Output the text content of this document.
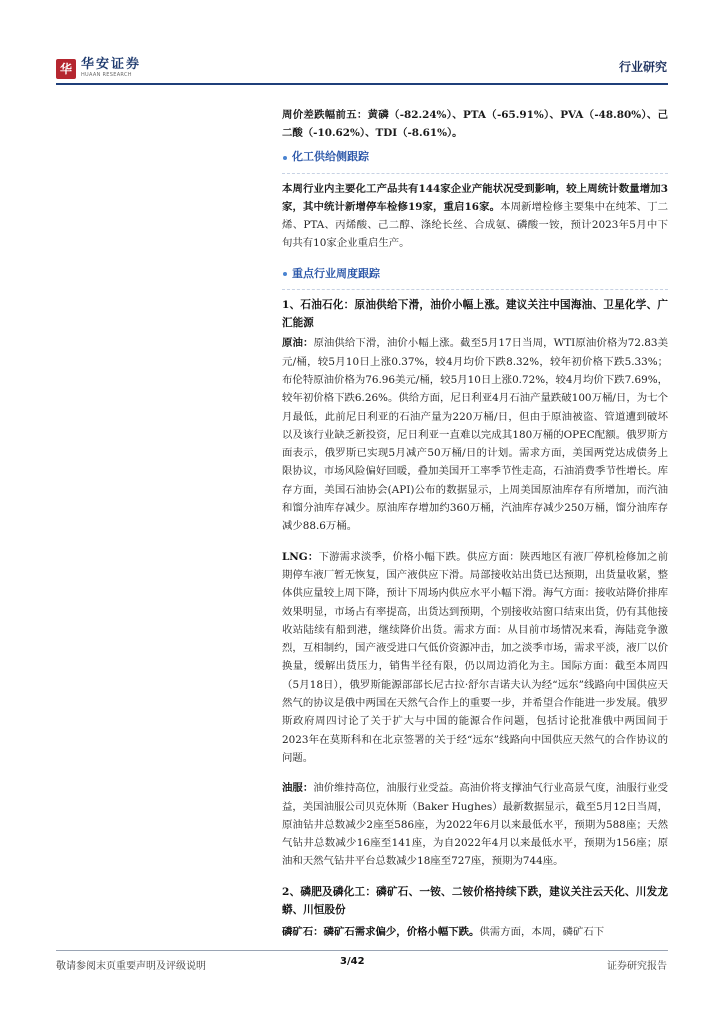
华 华安证券
HUAAN RESEARCH
行业研究

周价差跌幅前五：黄磷（-82.24%）、PTA（-65.91%）、PVA（-48.80%）、己二酸（-10.62%）、TDI（-8.61%）。

化工供给侧跟踪

本周行业内主要化工产品共有144家企业产能状况受到影响，较上周统计数量增加3家，其中统计新增停车检修19家，重启16家。本周新增检修主要集中在纯苯、丁二烯、PTA、丙烯酸、己二醇、涤纶长丝、合成氨、磷酸一铵，预计2023年5月中下旬共有10家企业重启生产。

重点行业周度跟踪

1、石油石化：原油供给下滑，油价小幅上涨。建议关注中国海油、卫星化学、广汇能源

原油：原油供给下滑，油价小幅上涨。截至5月17日当周，WTI原油价格为72.83美元/桶，较5月10日上涨0.37%，较4月均价下跌8.32%，较年初价格下跌5.33%；布伦特原油价格为76.96美元/桶，较5月10日上涨0.72%，较4月均价下跌7.69%，较年初价格下跌6.26%。供给方面，尼日利亚4月石油产量跌破100万桶/日，为七个月最低，此前尼日利亚的石油产量为220万桶/日，但由于原油被盗、管道遭到破坏以及该行业缺乏新投资，尼日利亚一直难以完成其180万桶的OPEC配额。俄罗斯方面表示，俄罗斯已实现5月减产50万桶/日的计划。需求方面，美国两党达成债务上限协议，市场风险偏好回暖，叠加美国开工率季节性走高，石油消费季节性增长。库存方面，美国石油协会(API)公布的数据显示，上周美国原油库存有所增加，而汽油和馏分油库存减少。原油库存增加约360万桶，汽油库存减少250万桶，馏分油库存减少88.6万桶。

LNG：下游需求淡季，价格小幅下跌。供应方面：陕西地区有液厂停机检修加之前期停车液厂暂无恢复，国产液供应下滑。局部接收站出货已达预期，出货量收紧，整体供应量较上周下降，预计下周场内供应水平小幅下滑。海气方面：接收站降价排库效果明显，市场占有率提高，出货达到预期，个别接收站窗口结束出货，仍有其他接收站陆续有船到港，继续降价出货。需求方面：从目前市场情况来看，海陆竞争激烈，互相制约，国产液受进口气低价资源冲击，加之淡季市场，需求平淡，液厂以价换量，缓解出货压力，销售半径有限，仍以周边消化为主。国际方面：截至本周四（5月18日），俄罗斯能源部部长尼古拉·舒尔吉诺夫认为经“远东”线路向中国供应天然气的协议是俄中两国在天然气合作上的重要一步，并希望合作能进一步发展。俄罗斯政府周四讨论了关于扩大与中国的能源合作问题，包括讨论批准俄中两国间于2023年在莫斯科和在北京签署的关于经“远东”线路向中国供应天然气的合作协议的问题。

油服：油价维持高位，油服行业受益。高油价将支撑油气行业高景气度，油服行业受益，美国油服公司贝克休斯（Baker Hughes）最新数据显示，截至5月12日当周，原油钻井总数减少2座至586座，为2022年6月以来最低水平，预期为588座；天然气钻井总数减少16座至141座，为自2022年4月以来最低水平，预期为156座；原油和天然气钻井平台总数减少18座至727座，预期为744座。

2、磷肥及磷化工：磷矿石、一铵、二铵价格持续下跌，建议关注云天化、川发龙蟒、川恒股份

磷矿石：磷矿石需求偏少，价格小幅下跌。供需方面，本周，磷矿石下

敬请参阅末页重要声明及评级说明	3/42	证券研究报告
